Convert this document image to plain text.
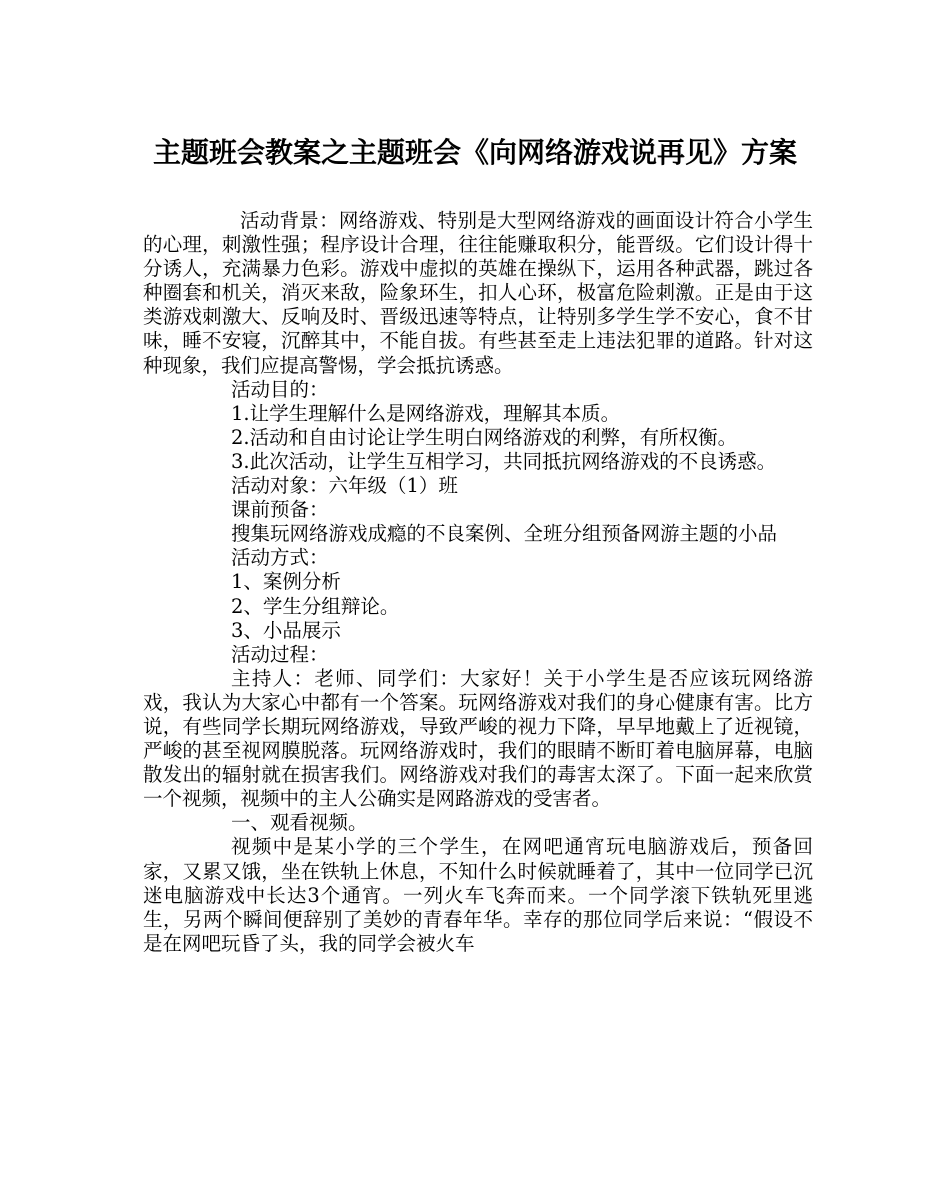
主题班会教案之主题班会《向网络游戏说再见》方案

活动背景：网络游戏、特别是大型网络游戏的画面设计符合小学生的心理，刺激性强；程序设计合理，往往能赚取积分，能晋级。它们设计得十分诱人，充满暴力色彩。游戏中虚拟的英雄在操纵下，运用各种武器，跳过各种圈套和机关，消灭来敌，险象环生，扣人心环，极富危险刺激。正是由于这类游戏刺激大、反响及时、晋级迅速等特点，让特别多学生学不安心，食不甘味，睡不安寝，沉醉其中，不能自拔。有些甚至走上违法犯罪的道路。针对这种现象，我们应提高警惕，学会抵抗诱惑。

活动目的：

1.让学生理解什么是网络游戏，理解其本质。

2.活动和自由讨论让学生明白网络游戏的利弊，有所权衡。

3.此次活动，让学生互相学习，共同抵抗网络游戏的不良诱惑。

活动对象：六年级（1）班

课前预备：

搜集玩网络游戏成瘾的不良案例、全班分组预备网游主题的小品

活动方式：

1、案例分析

2、学生分组辩论。

3、小品展示

活动过程：

主持人：老师、同学们：大家好！关于小学生是否应该玩网络游戏，我认为大家心中都有一个答案。玩网络游戏对我们的身心健康有害。比方说，有些同学长期玩网络游戏，导致严峻的视力下降，早早地戴上了近视镜，严峻的甚至视网膜脱落。玩网络游戏时，我们的眼睛不断盯着电脑屏幕，电脑散发出的辐射就在损害我们。网络游戏对我们的毒害太深了。下面一起来欣赏一个视频，视频中的主人公确实是网路游戏的受害者。

一、观看视频。

视频中是某小学的三个学生，在网吧通宵玩电脑游戏后，预备回家，又累又饿，坐在铁轨上休息，不知什么时候就睡着了，其中一位同学已沉迷电脑游戏中长达3个通宵。一列火车飞奔而来。一个同学滚下铁轨死里逃生，另两个瞬间便辞别了美妙的青春年华。幸存的那位同学后来说：“假设不是在网吧玩昏了头，我的同学会被火车
